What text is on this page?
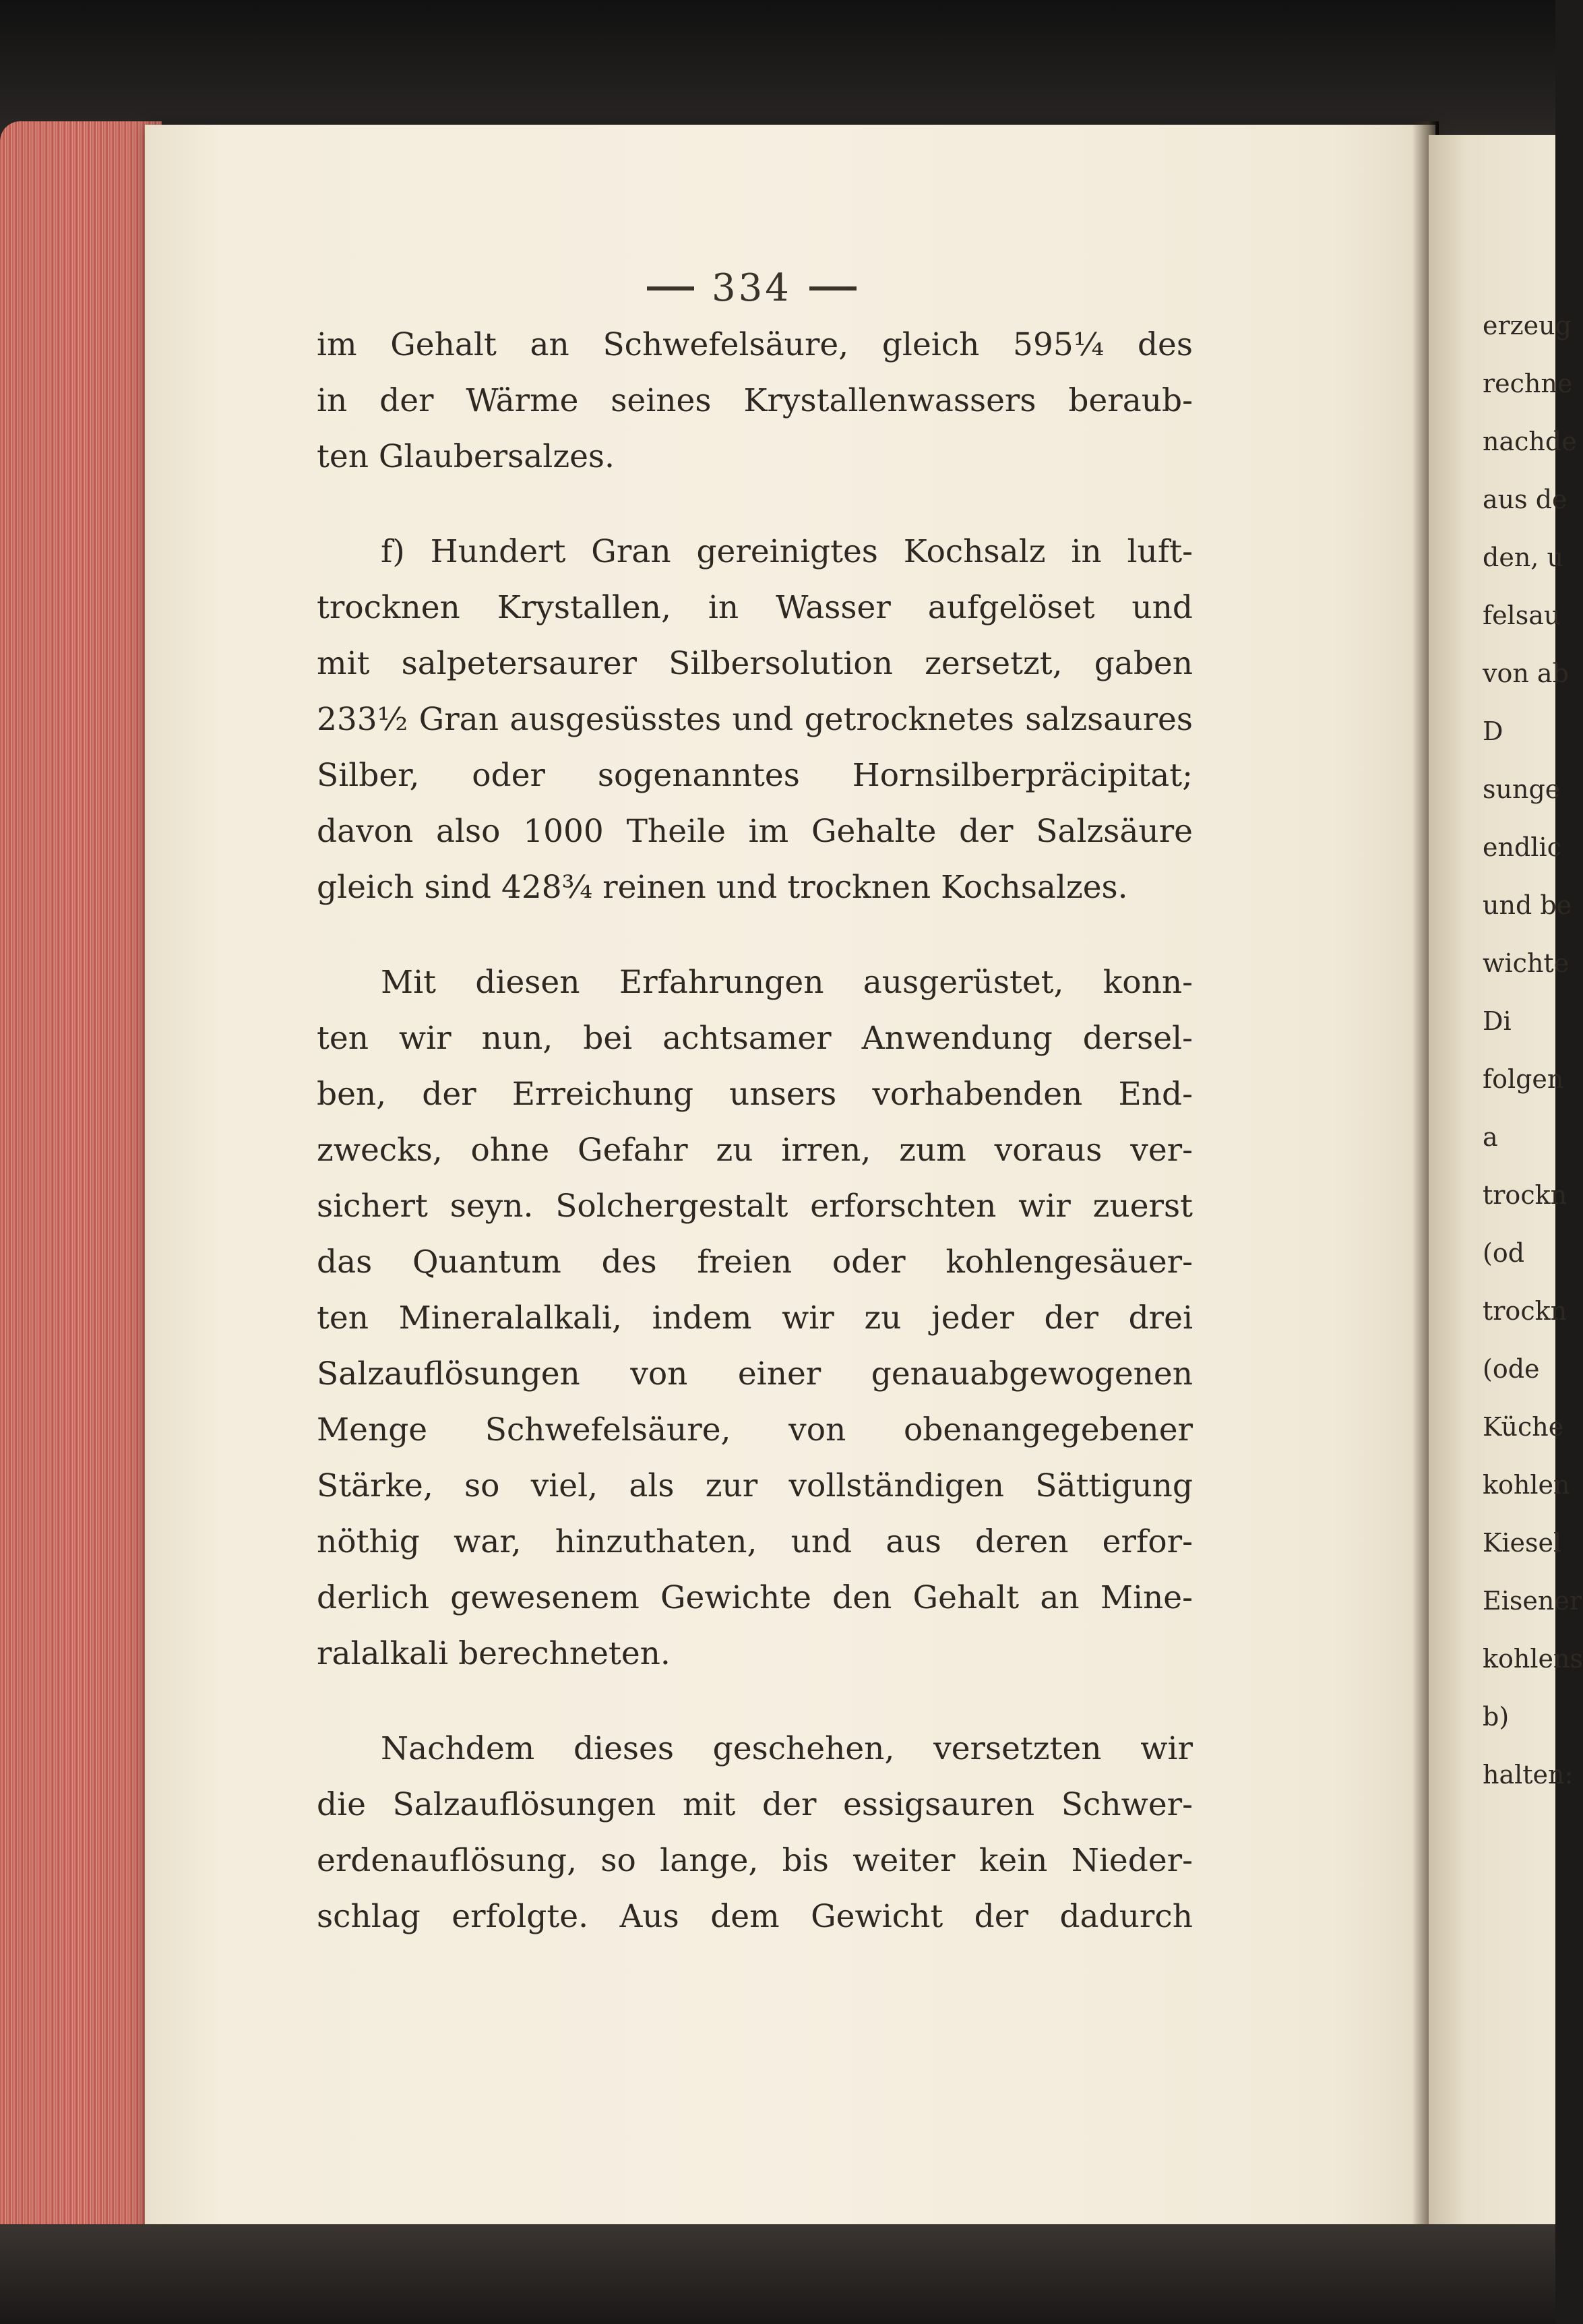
334
im Gehalt an Schwefelsäure, gleich 595¼ des
in der Wärme seines Krystallenwassers beraub-
ten Glaubersalzes.
f) Hundert Gran gereinigtes Kochsalz in luft-
trocknen Krystallen, in Wasser aufgelöset und
mit salpetersaurer Silbersolution zersetzt, gaben
233½ Gran ausgesüsstes und getrocknetes salzsaures
Silber, oder sogenanntes Hornsilberpräcipitat;
davon also 1000 Theile im Gehalte der Salzsäure
gleich sind 428¾ reinen und trocknen Kochsalzes.
Mit diesen Erfahrungen ausgerüstet, konn-
ten wir nun, bei achtsamer Anwendung dersel-
ben, der Erreichung unsers vorhabenden End-
zwecks, ohne Gefahr zu irren, zum voraus ver-
sichert seyn. Solchergestalt erforschten wir zuerst
das Quantum des freien oder kohlengesäuer-
ten Mineralalkali, indem wir zu jeder der drei
Salzauflösungen von einer genauabgewogenen
Menge Schwefelsäure, von obenangegebener
Stärke, so viel, als zur vollständigen Sättigung
nöthig war, hinzuthaten, und aus deren erfor-
derlich gewesenem Gewichte den Gehalt an Mine-
ralalkali berechneten.
Nachdem dieses geschehen, versetzten wir
die Salzauflösungen mit der essigsauren Schwer-
erdenauflösung, so lange, bis weiter kein Nieder-
schlag erfolgte. Aus dem Gewicht der dadurch
erzeug
rechne
nachde
aus de
den, u
felsau
von ab
D
sunge
endlic
und be
wichte
Di
folgen
a
trockn
(od
trockn
(ode
Küche
kohlen
Kiesel
Eisener
kohlens
b)
halten:
